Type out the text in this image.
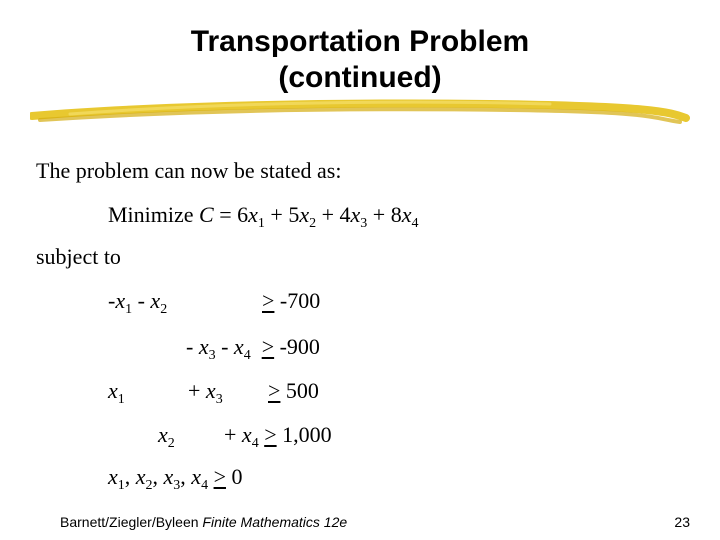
Transportation Problem
(continued)
The problem can now be stated as:
Minimize $C = 6x_1 + 5x_2 + 4x_3 + 8x_4$
subject to
$-x_1 - x_2$	> -700
- $x_3 - x_4 > -900$
$x_1$	+ $x_3 > 500$
$x_2 + x_4 > 1,000$
$x_1$, $x_2$, $x_3$, $x_4 > 0$
Barnett/Ziegler/Byleen Finite Mathematics 12e	23
